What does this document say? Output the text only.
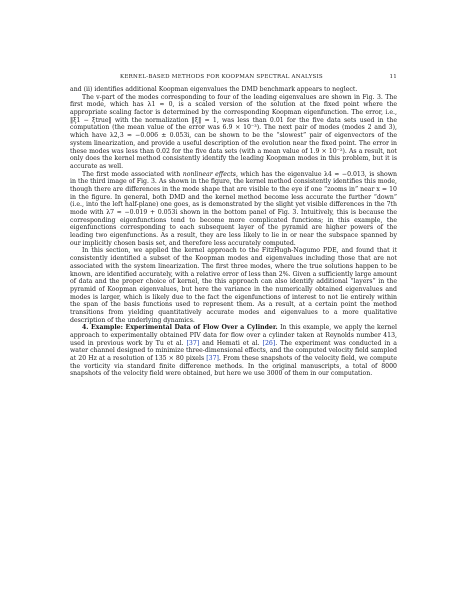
KERNEL-BASED METHODS FOR KOOPMAN SPECTRAL ANALYSIS	11

and (ii) identifies additional Koopman eigenvalues the DMD benchmark appears to neglect.

The v-part of the modes corresponding to four of the leading eigenvalues are shown in Fig. 3. The first mode, which has λ1 ≈ 0, is a scaled version of the solution at the fixed point where the appropriate scaling factor is determined by the corresponding Koopman eigenfunction. The error, i.e., ‖ξ1 − ξtrue‖ with the normalization ‖ξ‖ = 1, was less than 0.01 for the five data sets used in the computation (the mean value of the error was 6.9 × 10⁻³). The next pair of modes (modes 2 and 3), which have λ2,3 ≈ −0.006 ± 0.053i, can be shown to be the “slowest” pair of eigenvectors of the system linearization, and provide a useful description of the evolution near the fixed point. The error in these modes was less than 0.02 for the five data sets (with a mean value of 1.9 × 10⁻²). As a result, not only does the kernel method consistently identify the leading Koopman modes in this problem, but it is accurate as well.

The first mode associated with nonlinear effects, which has the eigenvalue λ4 ≈ −0.013, is shown in the third image of Fig. 3. As shown in the figure, the kernel method consistently identifies this mode, though there are differences in the mode shape that are visible to the eye if one “zooms in” near x = 10 in the figure. In general, both DMD and the kernel method become less accurate the further “down” (i.e., into the left half-plane) one goes, as is demonstrated by the slight yet visible differences in the 7th mode with λ7 ≈ −0.019 + 0.053i shown in the bottom panel of Fig. 3. Intuitively, this is because the corresponding eigenfunctions tend to become more complicated functions; in this example, the eigenfunctions corresponding to each subsequent layer of the pyramid are higher powers of the leading two eigenfunctions. As a result, they are less likely to lie in or near the subspace spanned by our implicitly chosen basis set, and therefore less accurately computed.

In this section, we applied the kernel approach to the FitzHugh-Nagumo PDE, and found that it consistently identified a subset of the Koopman modes and eigenvalues including those that are not associated with the system linearization. The first three modes, where the true solutions happen to be known, are identified accurately, with a relative error of less than 2%. Given a sufficiently large amount of data and the proper choice of kernel, the this approach can also identify additional “layers” in the pyramid of Koopman eigenvalues, but here the variance in the numerically obtained eigenvalues and modes is larger, which is likely due to the fact the eigenfunctions of interest to not lie entirely within the span of the basis functions used to represent them. As a result, at a certain point the method transitions from yielding quantitatively accurate modes and eigenvalues to a more qualitative description of the underlying dynamics.

4. Example: Experimental Data of Flow Over a Cylinder. In this example, we apply the kernel approach to experimentally obtained PIV data for flow over a cylinder taken at Reynolds number 413, used in previous work by Tu et al. [37] and Hemati et al. [26]. The experiment was conducted in a water channel designed to minimize three-dimensional effects, and the computed velocity field sampled at 20 Hz at a resolution of 135 × 80 pixels [37]. From these snapshots of the velocity field, we compute the vorticity via standard finite difference methods. In the original manuscripts, a total of 8000 snapshots of the velocity field were obtained, but here we use 3000 of them in our computation.
